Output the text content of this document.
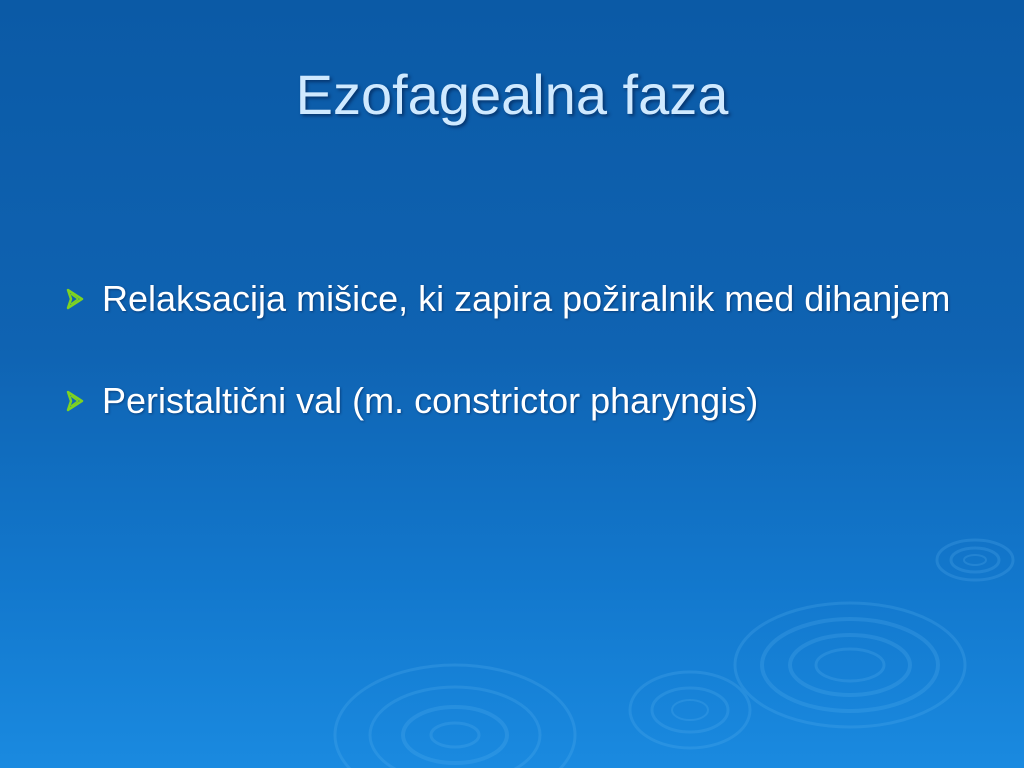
Ezofagealna faza
Relaksacija mišice, ki zapira požiralnik med dihanjem
Peristaltični val (m. constrictor pharyngis)
